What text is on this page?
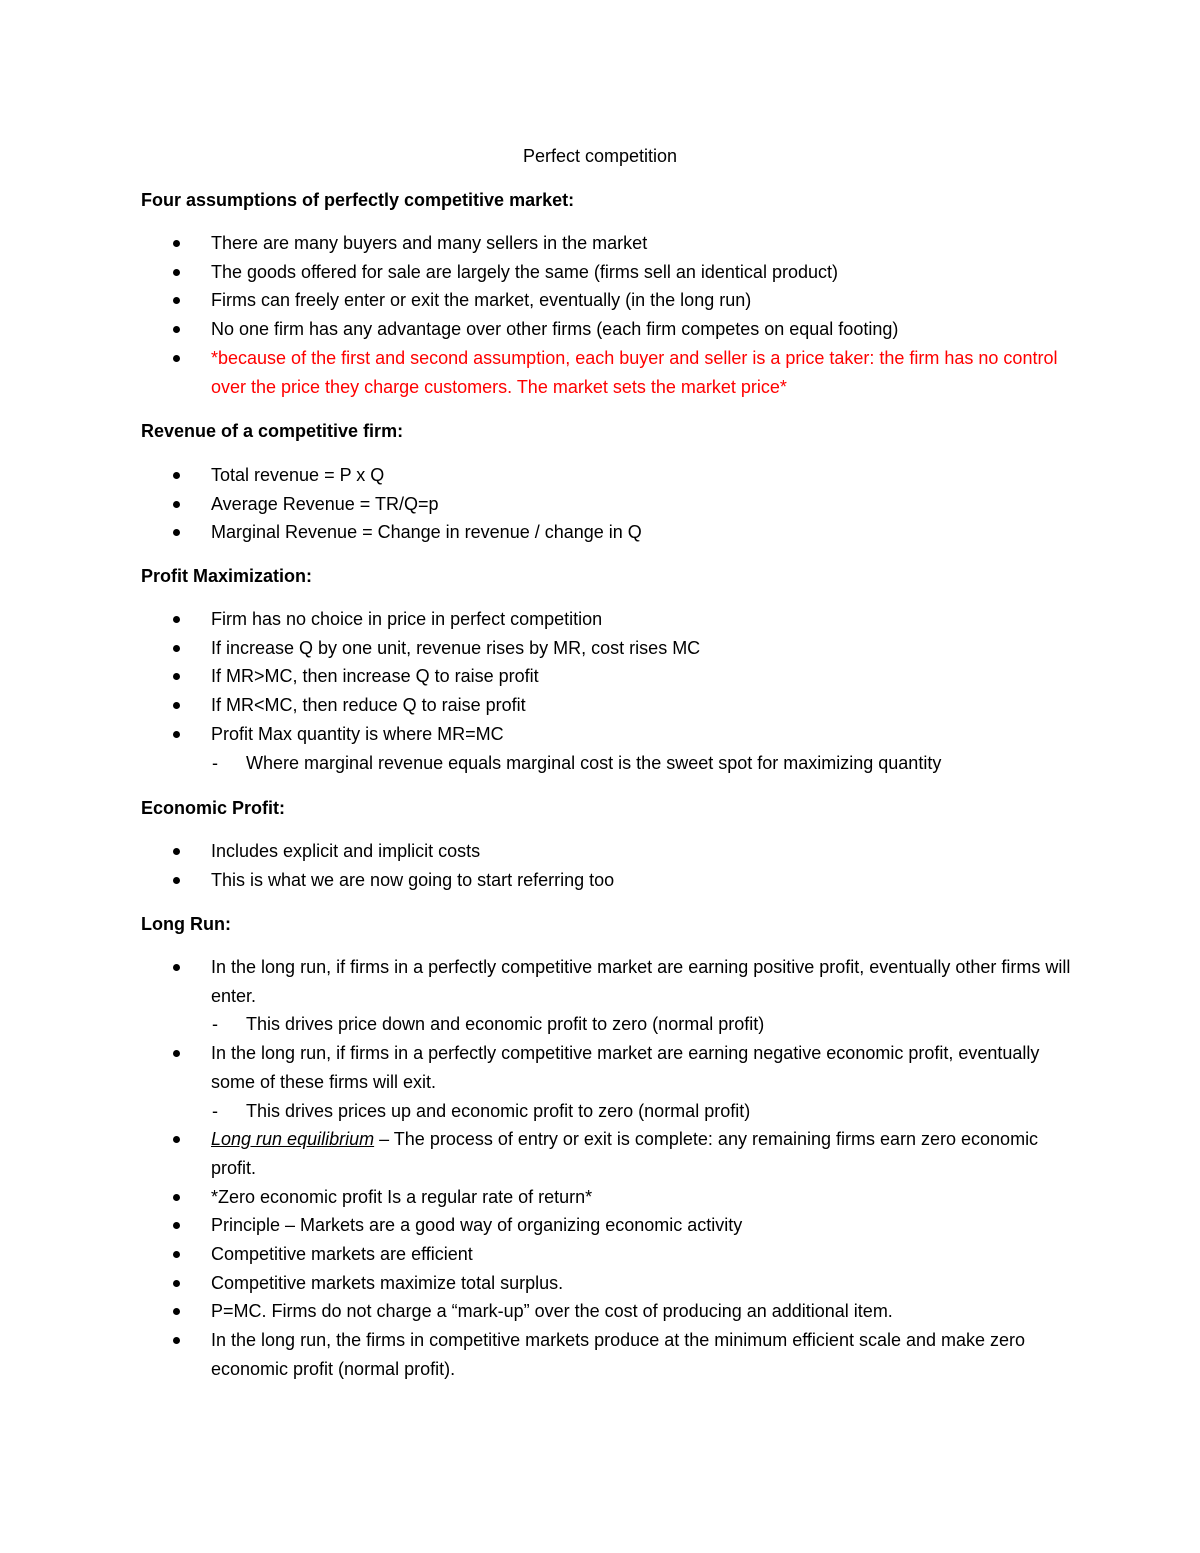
Perfect competition
Four assumptions of perfectly competitive market:
There are many buyers and many sellers in the market
The goods offered for sale are largely the same (firms sell an identical product)
Firms can freely enter or exit the market, eventually (in the long run)
No one firm has any advantage over other firms (each firm competes on equal footing)
*because of the first and second assumption, each buyer and seller is a price taker: the firm has no control over the price they charge customers. The market sets the market price*
Revenue of a competitive firm:
Total revenue = P x Q
Average Revenue = TR/Q=p
Marginal Revenue = Change in revenue / change in Q
Profit Maximization:
Firm has no choice in price in perfect competition
If increase Q by one unit, revenue rises by MR, cost rises MC
If MR>MC, then increase Q to raise profit
If MR<MC, then reduce Q to raise profit
Profit Max quantity is where MR=MC
- Where marginal revenue equals marginal cost is the sweet spot for maximizing quantity
Economic Profit:
Includes explicit and implicit costs
This is what we are now going to start referring too
Long Run:
In the long run, if firms in a perfectly competitive market are earning positive profit, eventually other firms will enter.
- This drives price down and economic profit to zero (normal profit)
In the long run, if firms in a perfectly competitive market are earning negative economic profit, eventually some of these firms will exit.
- This drives prices up and economic profit to zero (normal profit)
Long run equilibrium – The process of entry or exit is complete: any remaining firms earn zero economic profit.
*Zero economic profit Is a regular rate of return*
Principle – Markets are a good way of organizing economic activity
Competitive markets are efficient
Competitive markets maximize total surplus.
P=MC. Firms do not charge a “mark-up” over the cost of producing an additional item.
In the long run, the firms in competitive markets produce at the minimum efficient scale and make zero economic profit (normal profit).
